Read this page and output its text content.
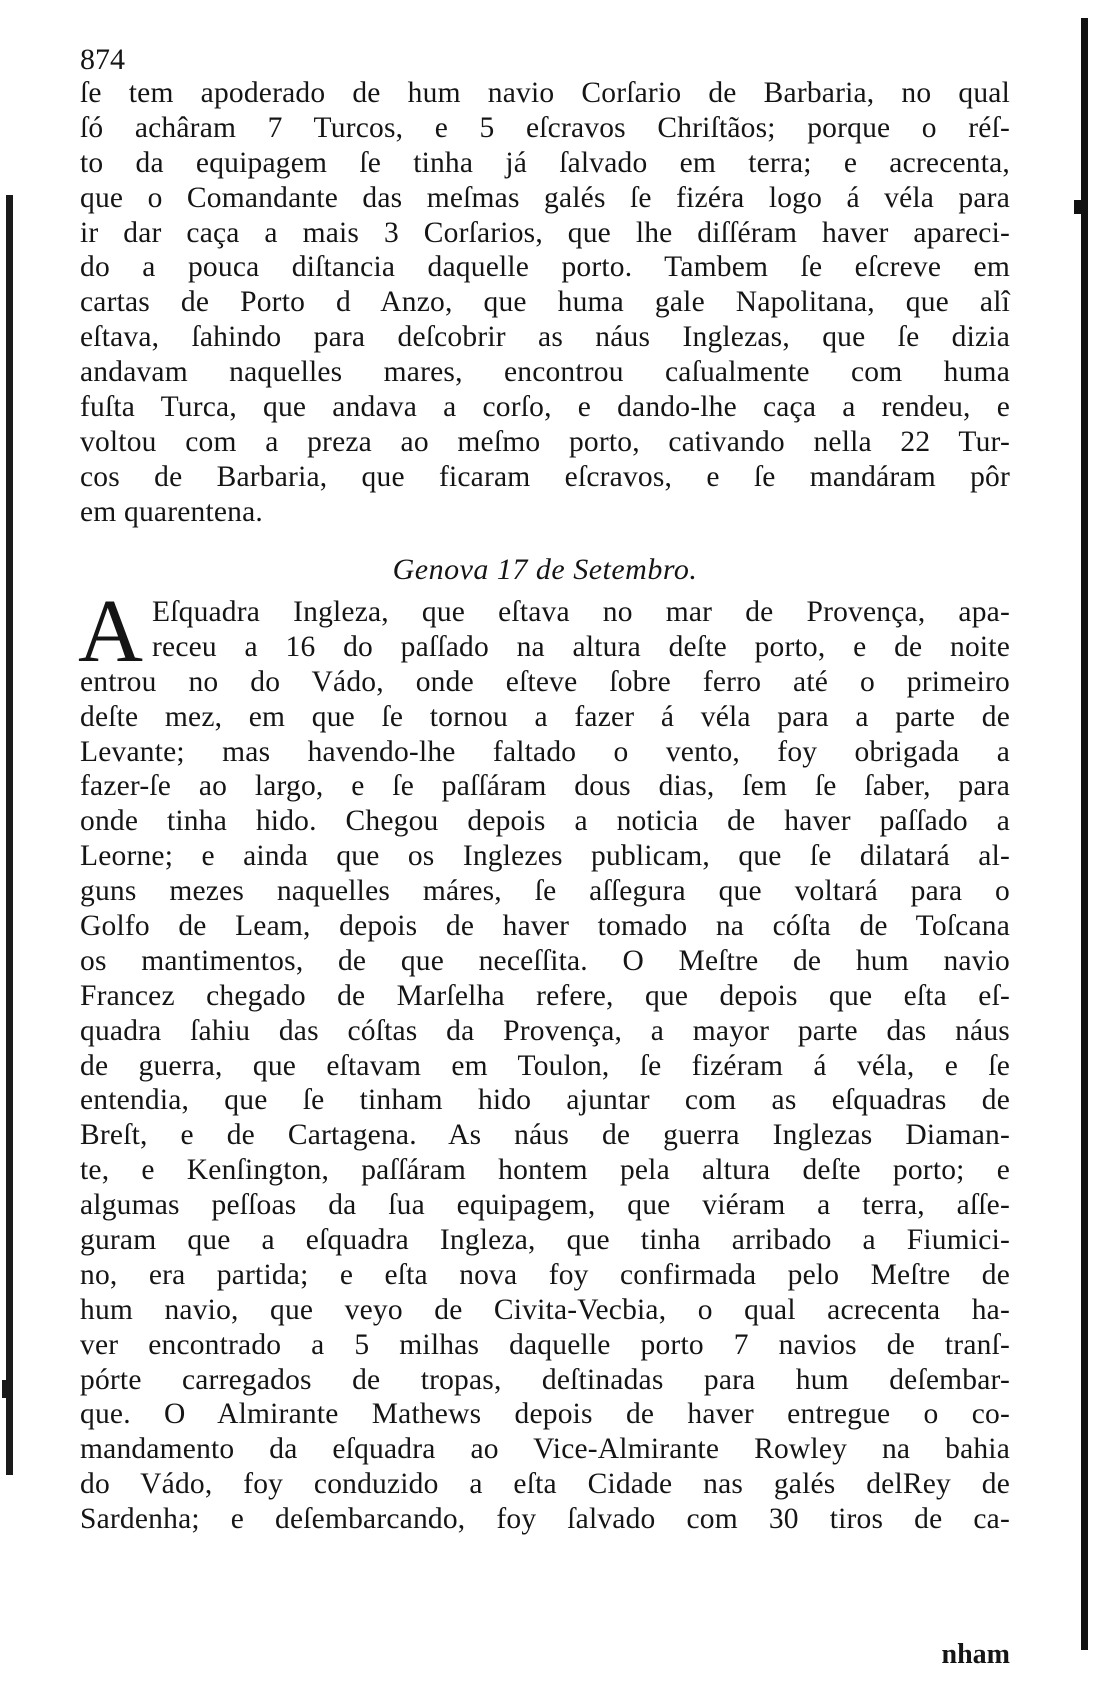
874
ſe tem apoderado de hum navio Corſario de Barbaria, no qual
ſó achâram 7 Turcos, e 5 eſcravos Chriſtãos; porque o réſ-
to da equipagem ſe tinha já ſalvado em terra; e acrecenta,
que o Comandante das meſmas galés ſe fizéra logo á véla para
ir dar caça a mais 3 Corſarios, que lhe diſſéram haver apareci-
do a pouca diſtancia daquelle porto. Tambem ſe eſcreve em
cartas de Porto d Anzo, que huma gale Napolitana, que alî
eſtava, ſahindo para deſcobrir as náus Inglezas, que ſe dizia
andavam naquelles mares, encontrou caſualmente com huma
fuſta Turca, que andava a corſo, e dando-lhe caça a rendeu, e
voltou com a preza ao meſmo porto, cativando nella 22 Tur-
cos de Barbaria, que ficaram eſcravos, e ſe mandáram pôr
em quarentena.
Genova 17 de Setembro.
A Eſquadra Ingleza, que eſtava no mar de Provença, apa-
receu a 16 do paſſado na altura deſte porto, e de noite
entrou no do Vádo, onde eſteve ſobre ferro até o primeiro
deſte mez, em que ſe tornou a fazer á véla para a parte de
Levante; mas havendo-lhe faltado o vento, foy obrigada a
fazer-ſe ao largo, e ſe paſſáram dous dias, ſem ſe ſaber, para
onde tinha hido. Chegou depois a noticia de haver paſſado a
Leorne; e ainda que os Inglezes publicam, que ſe dilatará al-
guns mezes naquelles máres, ſe aſſegura que voltará para o
Golfo de Leam, depois de haver tomado na cóſta de Toſcana
os mantimentos, de que neceſſita. O Meſtre de hum navio
Francez chegado de Marſelha refere, que depois que eſta eſ-
quadra ſahiu das cóſtas da Provença, a mayor parte das náus
de guerra, que eſtavam em Toulon, ſe fizéram á véla, e ſe
entendia, que ſe tinham hido ajuntar com as eſquadras de
Breſt, e de Cartagena. As náus de guerra Inglezas Diaman-
te, e Kenſington, paſſáram hontem pela altura deſte porto; e
algumas peſſoas da ſua equipagem, que viéram a terra, aſſe-
guram que a eſquadra Ingleza, que tinha arribado a Fiumici-
no, era partida; e eſta nova foy confirmada pelo Meſtre de
hum navio, que veyo de Civita-Vecbia, o qual acrecenta ha-
ver encontrado a 5 milhas daquelle porto 7 navios de tranſ-
pórte carregados de tropas, deſtinadas para hum deſembar-
que. O Almirante Mathews depois de haver entregue o co-
mandamento da eſquadra ao Vice-Almirante Rowley na bahia
do Vádo, foy conduzido a eſta Cidade nas galés delRey de
Sardenha; e deſembarcando, foy ſalvado com 30 tiros de ca-
nham
